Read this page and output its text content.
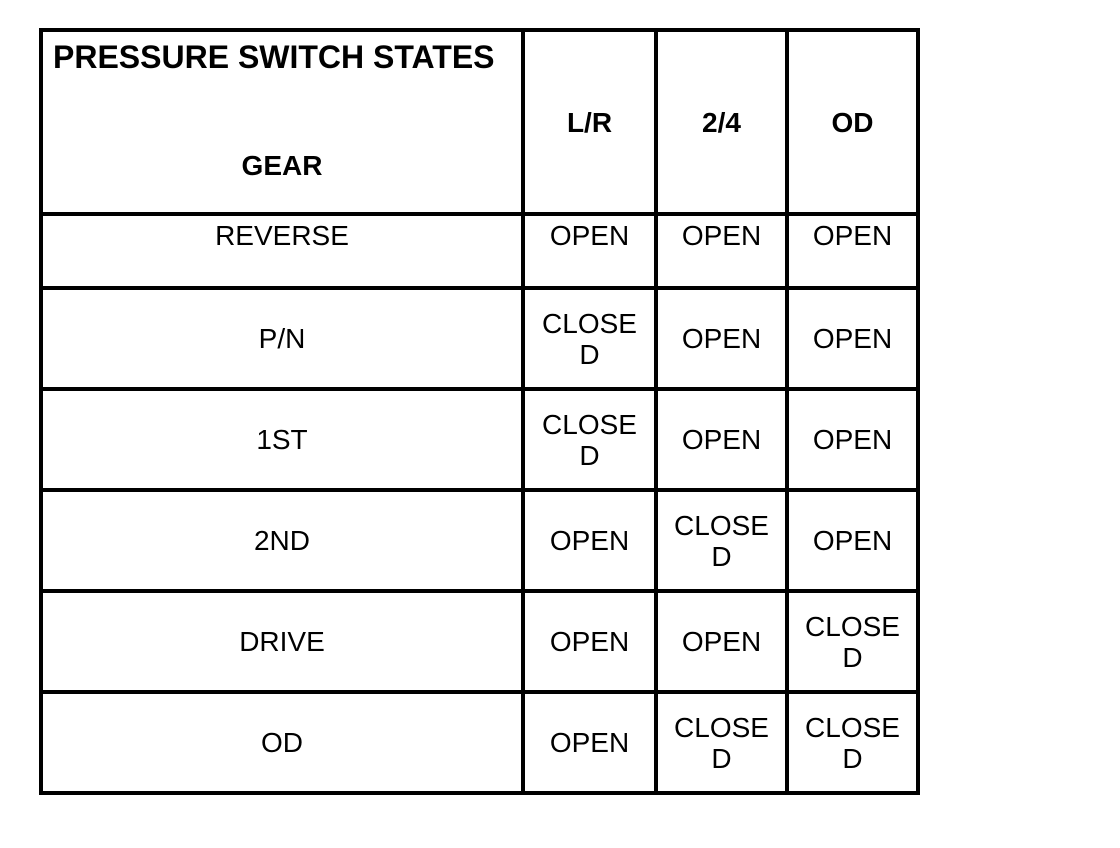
PRESSURE SWITCH STATES
GEAR	L/R	2/4	OD
REVERSE	OPEN	OPEN	OPEN
P/N	CLOSED	OPEN	OPEN
1ST	CLOSED	OPEN	OPEN
2ND	OPEN	CLOSED	OPEN
DRIVE	OPEN	OPEN	CLOSED
OD	OPEN	CLOSED	CLOSED
